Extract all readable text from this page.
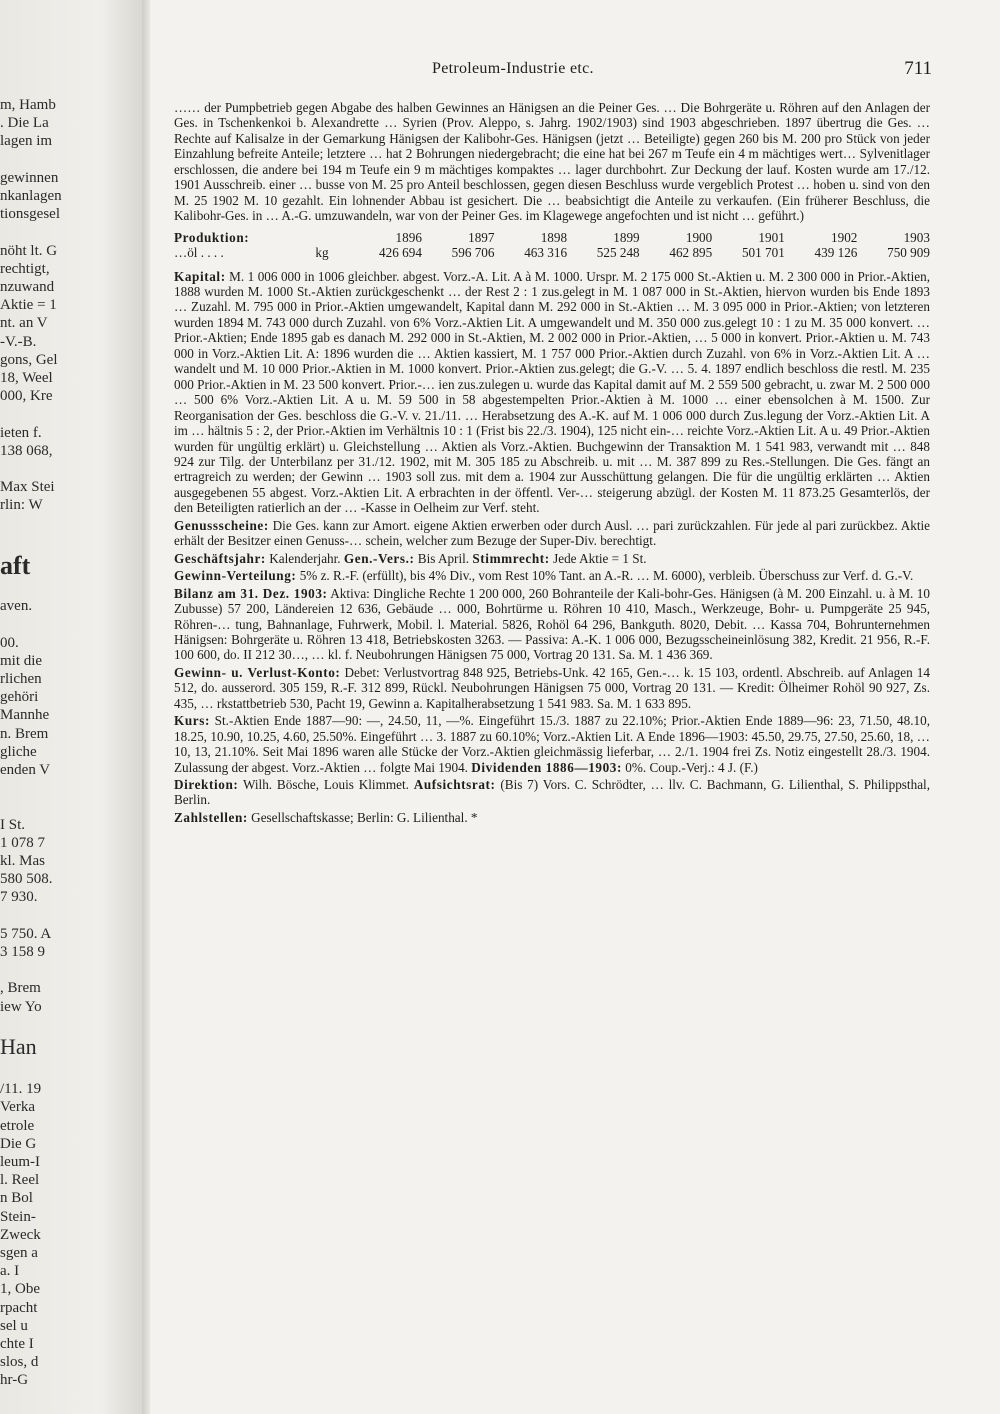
m, Hamb
. Die La
lagen im
gewinnen
nkanlagen
tionsgesel
nöht lt. G
rechtigt,
nzuwand
Aktie = 1
nt. an V
-V.-B.
gons, Gel
18, Weel
000, Kre
ieten f.
138 068,
Max Stei
rlin: W
aft
aven.
00.
mit die
rlichen
gehöri
Mannhe
n. Brem
gliche
enden V
I St.
1 078 7
kl. Mas
580 508.
7 930.
5 750. A
3 158 9
, Brem
iew Yo
Han
/11. 19
Verka
etrole
Die G
leum-I
l. Reel
n Bol
Stein-
Zweck
sgen a
a. I
1, Obe
rpacht
sel u
chte I
slos, d
hr-G
Petroleum-Industrie etc.	711

…… der Pumpbetrieb gegen Abgabe des halben Gewinnes an Hänigsen an die Peiner Ges. … Die Bohrgeräte u. Röhren auf den Anlagen der Ges. in Tschenkenkoi b. Alexandrette … Syrien (Prov. Aleppo, s. Jahrg. 1902/1903) sind 1903 abgeschrieben. 1897 übertrug die Ges. … Rechte auf Kalisalze in der Gemarkung Hänigsen der Kalibohr-Ges. Hänigsen (jetzt … Beteiligte) gegen 260 bis M. 200 pro Stück von jeder Einzahlung befreite Anteile; letztere … hat 2 Bohrungen niedergebracht; die eine hat bei 267 m Teufe ein 4 m mächtiges wert… Sylvenitlager erschlossen, die andere bei 194 m Teufe ein 9 m mächtiges kompaktes … lager durchbohrt. Zur Deckung der lauf. Kosten wurde am 17./12. 1901 Ausschreib. einer … busse von M. 25 pro Anteil beschlossen, gegen diesen Beschluss wurde vergeblich Protest … hoben u. sind von den M. 25 1902 M. 10 gezahlt. Ein lohnender Abbau ist gesichert. Die … beabsichtigt die Anteile zu verkaufen. (Ein früherer Beschluss, die Kalibohr-Ges. in … A.-G. umzuwandeln, war von der Peiner Ges. im Klagewege angefochten und ist nicht … geführt.)

Produktion:	1896	1897	1898	1899	1900	1901	1902	1903
…öl . . . .	kg	426 694	596 706	463 316	525 248	462 895	501 701	439 126	750 909

Kapital: M. 1 006 000 in 1006 gleichber. abgest. Vorz.-A. Lit. A à M. 1000. Urspr. M. 2 175 000 St.-Aktien u. M. 2 300 000 in Prior.-Aktien, 1888 wurden M. 1000 St.-Aktien zurückgeschenkt … der Rest 2 : 1 zus.gelegt in M. 1 087 000 in St.-Aktien, hiervon wurden bis Ende 1893 … Zuzahl. M. 795 000 in Prior.-Aktien umgewandelt, Kapital dann M. 292 000 in St.-Aktien … M. 3 095 000 in Prior.-Aktien; von letzteren wurden 1894 M. 743 000 durch Zuzahl. von 6% Vorz.-Aktien Lit. A umgewandelt und M. 350 000 zus.gelegt 10 : 1 zu M. 35 000 konvert. … Prior.-Aktien; Ende 1895 gab es danach M. 292 000 in St.-Aktien, M. 2 002 000 in Prior.-Aktien, … 5 000 in konvert. Prior.-Aktien u. M. 743 000 in Vorz.-Aktien Lit. A: 1896 wurden die … Aktien kassiert, M. 1 757 000 Prior.-Aktien durch Zuzahl. von 6% in Vorz.-Aktien Lit. A … wandelt und M. 10 000 Prior.-Aktien in M. 1000 konvert. Prior.-Aktien zus.gelegt; die G.-V. … 5. 4. 1897 endlich beschloss die restl. M. 235 000 Prior.-Aktien in M. 23 500 konvert. Prior.-… ien zus.zulegen u. wurde das Kapital damit auf M. 2 559 500 gebracht, u. zwar M. 2 500 000 … 500 6% Vorz.-Aktien Lit. A u. M. 59 500 in 58 abgestempelten Prior.-Aktien à M. 1000 … einer ebensolchen à M. 1500. Zur Reorganisation der Ges. beschloss die G.-V. v. 21./11. … Herabsetzung des A.-K. auf M. 1 006 000 durch Zus.legung der Vorz.-Aktien Lit. A im … hältnis 5 : 2, der Prior.-Aktien im Verhältnis 10 : 1 (Frist bis 22./3. 1904), 125 nicht ein-… reichte Vorz.-Aktien Lit. A u. 49 Prior.-Aktien wurden für ungültig erklärt) u. Gleichstellung … Aktien als Vorz.-Aktien. Buchgewinn der Transaktion M. 1 541 983, verwandt mit … 848 924 zur Tilg. der Unterbilanz per 31./12. 1902, mit M. 305 185 zu Abschreib. u. mit … M. 387 899 zu Res.-Stellungen. Die Ges. fängt an ertragreich zu werden; der Gewinn … 1903 soll zus. mit dem a. 1904 zur Ausschüttung gelangen. Die für die ungültig erklärten … Aktien ausgegebenen 55 abgest. Vorz.-Aktien Lit. A erbrachten in der öffentl. Ver-… steigerung abzügl. der Kosten M. 11 873.25 Gesamterlös, der den Beteiligten ratierlich an der … -Kasse in Oelheim zur Verf. steht.

Genussscheine: Die Ges. kann zur Amort. eigene Aktien erwerben oder durch Ausl. … pari zurückzahlen. Für jede al pari zurückbez. Aktie erhält der Besitzer einen Genuss-… schein, welcher zum Bezuge der Super-Div. berechtigt.

Geschäftsjahr: Kalenderjahr. Gen.-Vers.: Bis April. Stimmrecht: Jede Aktie = 1 St.

Gewinn-Verteilung: 5% z. R.-F. (erfüllt), bis 4% Div., vom Rest 10% Tant. an A.-R. … M. 6000), verbleib. Überschuss zur Verf. d. G.-V.

Bilanz am 31. Dez. 1903: Aktiva: Dingliche Rechte 1 200 000, 260 Bohranteile der Kali-bohr-Ges. Hänigsen (à M. 200 Einzahl. u. à M. 10 Zubusse) 57 200, Ländereien 12 636, Gebäude … 000, Bohrtürme u. Röhren 10 410, Masch., Werkzeuge, Bohr- u. Pumpgeräte 25 945, Röhren-… tung, Bahnanlage, Fuhrwerk, Mobil. l. Material. 5826, Rohöl 64 296, Bankguth. 8020, Debit. … Kassa 704, Bohrunternehmen Hänigsen: Bohrgeräte u. Röhren 13 418, Betriebskosten 3263. — Passiva: A.-K. 1 006 000, Bezugsscheineinlösung 382, Kredit. 21 956, R.-F. 100 600, do. II 212 30…, … kl. f. Neubohrungen Hänigsen 75 000, Vortrag 20 131. Sa. M. 1 436 369.

Gewinn- u. Verlust-Konto: Debet: Verlustvortrag 848 925, Betriebs-Unk. 42 165, Gen.-… k. 15 103, ordentl. Abschreib. auf Anlagen 14 512, do. ausserord. 305 159, R.-F. 312 899, Rückl. Neubohrungen Hänigsen 75 000, Vortrag 20 131. — Kredit: Ölheimer Rohöl 90 927, Zs. 435, … rkstattbetrieb 530, Pacht 19, Gewinn a. Kapitalherabsetzung 1 541 983. Sa. M. 1 633 895.

Kurs: St.-Aktien Ende 1887—90: —, 24.50, 11, —%. Eingeführt 15./3. 1887 zu 22.10%; Prior.-Aktien Ende 1889—96: 23, 71.50, 48.10, 18.25, 10.90, 10.25, 4.60, 25.50%. Eingeführt … 3. 1887 zu 60.10%; Vorz.-Aktien Lit. A Ende 1896—1903: 45.50, 29.75, 27.50, 25.60, 18, … 10, 13, 21.10%. Seit Mai 1896 waren alle Stücke der Vorz.-Aktien gleichmässig lieferbar, … 2./1. 1904 frei Zs. Notiz eingestellt 28./3. 1904. Zulassung der abgest. Vorz.-Aktien … folgte Mai 1904. Dividenden 1886—1903: 0%. Coup.-Verj.: 4 J. (F.)

Direktion: Wilh. Bösche, Louis Klimmet. Aufsichtsrat: (Bis 7) Vors. C. Schrödter, … llv. C. Bachmann, G. Lilienthal, S. Philippsthal, Berlin.

Zahlstellen: Gesellschaftskasse; Berlin: G. Lilienthal. *
